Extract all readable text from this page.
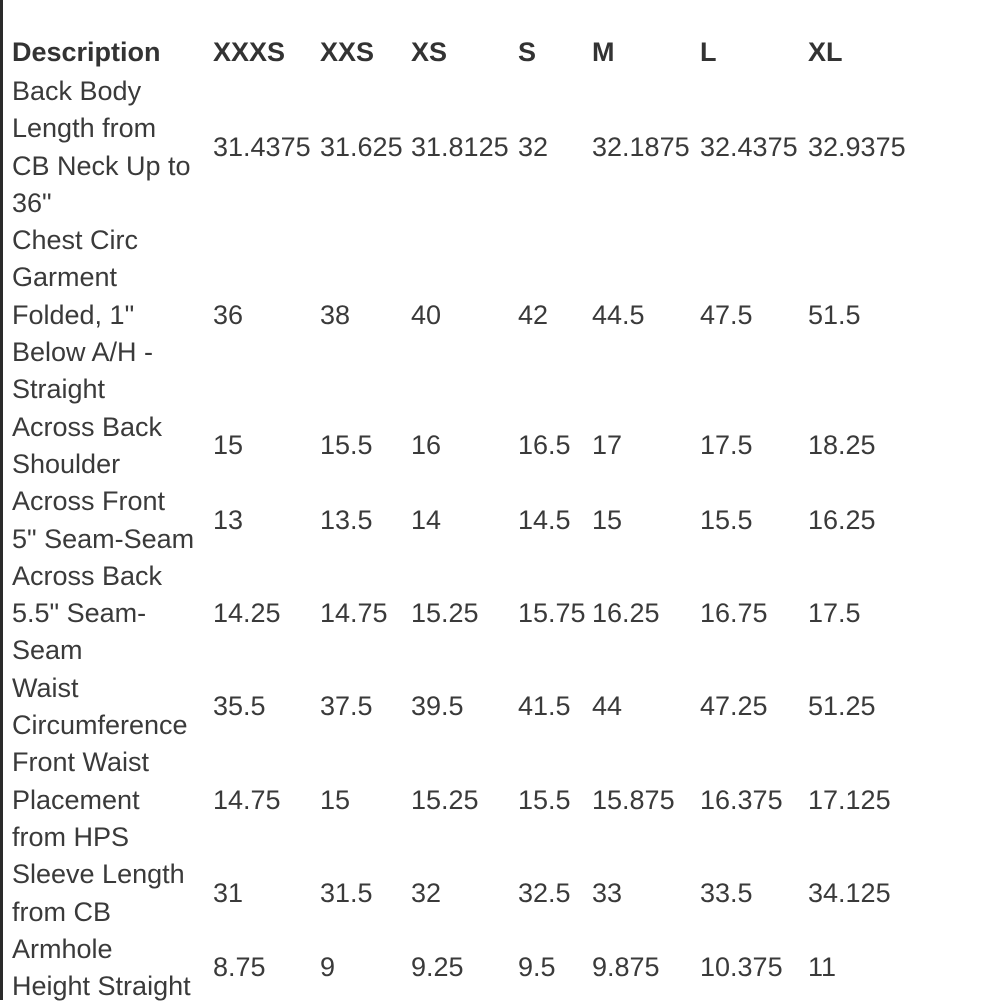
Description	XXXS	XXS	XS	S	M	L	XL
Back Body
Length from
CB Neck Up to
36"	31.4375	31.625	31.8125	32	32.1875	32.4375	32.9375
Chest Circ
Garment
Folded, 1"
Below A/H -
Straight	36	38	40	42	44.5	47.5	51.5
Across Back
Shoulder	15	15.5	16	16.5	17	17.5	18.25
Across Front
5" Seam-Seam	13	13.5	14	14.5	15	15.5	16.25
Across Back
5.5" Seam-
Seam	14.25	14.75	15.25	15.75	16.25	16.75	17.5
Waist
Circumference	35.5	37.5	39.5	41.5	44	47.25	51.25
Front Waist
Placement
from HPS	14.75	15	15.25	15.5	15.875	16.375	17.125
Sleeve Length
from CB	31	31.5	32	32.5	33	33.5	34.125
Armhole
Height Straight	8.75	9	9.25	9.5	9.875	10.375	11
